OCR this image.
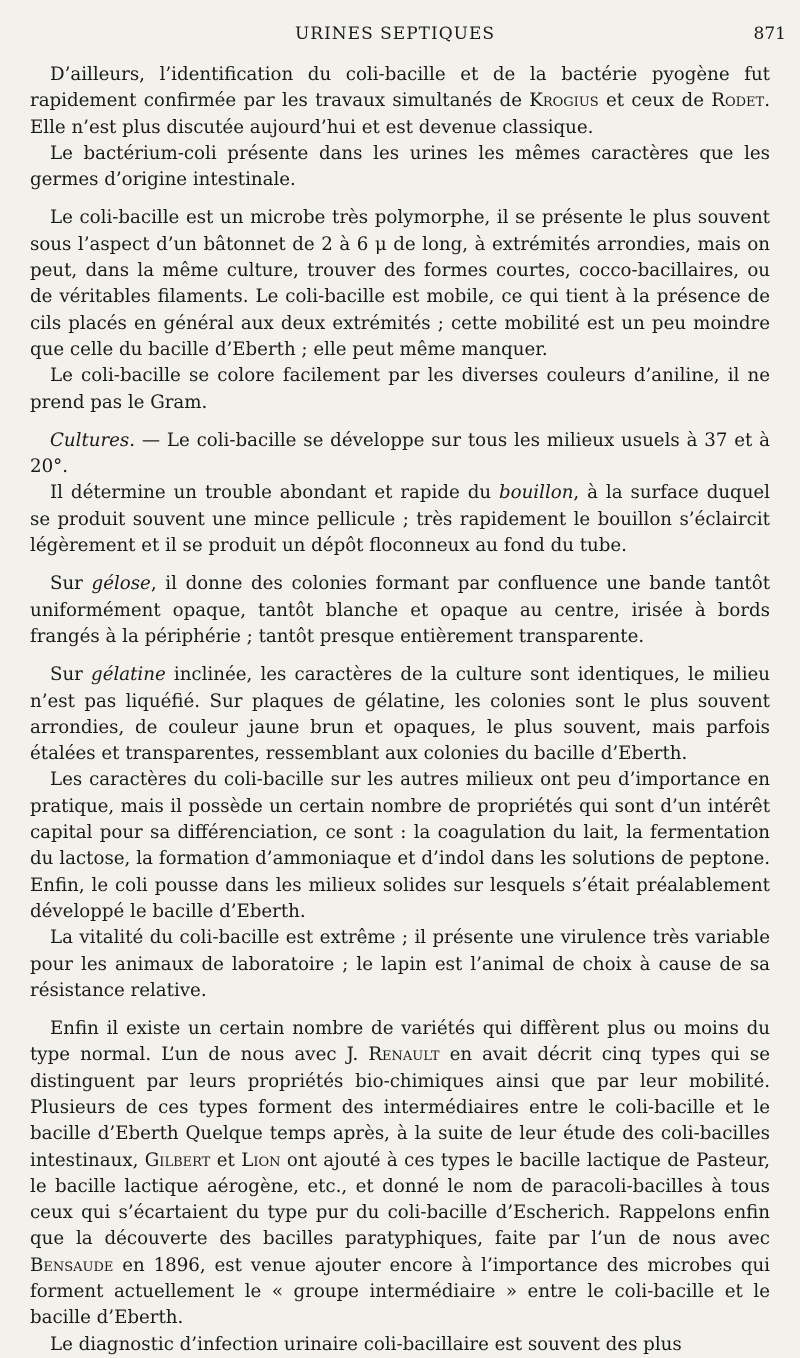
URINES SEPTIQUES	871

D’ailleurs, l’identification du coli-bacille et de la bactérie pyogène fut rapidement confirmée par les travaux simultanés de Krogius et ceux de Rodet. Elle n’est plus discutée aujourd’hui et est devenue classique.

Le bactérium-coli présente dans les urines les mêmes caractères que les germes d’origine intestinale.

Le coli-bacille est un microbe très polymorphe, il se présente le plus souvent sous l’aspect d’un bâtonnet de 2 à 6 μ de long, à extrémités arrondies, mais on peut, dans la même culture, trouver des formes courtes, cocco-bacillaires, ou de véritables filaments. Le coli-bacille est mobile, ce qui tient à la présence de cils placés en général aux deux extrémités ; cette mobilité est un peu moindre que celle du bacille d’Eberth ; elle peut même manquer.

Le coli-bacille se colore facilement par les diverses couleurs d’aniline, il ne prend pas le Gram.

Cultures. — Le coli-bacille se développe sur tous les milieux usuels à 37 et à 20°.

Il détermine un trouble abondant et rapide du bouillon, à la surface duquel se produit souvent une mince pellicule ; très rapidement le bouillon s’éclaircit légèrement et il se produit un dépôt floconneux au fond du tube.

Sur gélose, il donne des colonies formant par confluence une bande tantôt uniformément opaque, tantôt blanche et opaque au centre, irisée à bords frangés à la périphérie ; tantôt presque entièrement transparente.

Sur gélatine inclinée, les caractères de la culture sont identiques, le milieu n’est pas liquéfié. Sur plaques de gélatine, les colonies sont le plus souvent arrondies, de couleur jaune brun et opaques, le plus souvent, mais parfois étalées et transparentes, ressemblant aux colonies du bacille d’Eberth.

Les caractères du coli-bacille sur les autres milieux ont peu d’importance en pratique, mais il possède un certain nombre de propriétés qui sont d’un intérêt capital pour sa différenciation, ce sont : la coagulation du lait, la fermentation du lactose, la formation d’ammoniaque et d’indol dans les solutions de peptone. Enfin, le coli pousse dans les milieux solides sur lesquels s’était préalablement développé le bacille d’Eberth.

La vitalité du coli-bacille est extrême ; il présente une virulence très variable pour les animaux de laboratoire ; le lapin est l’animal de choix à cause de sa résistance relative.

Enfin il existe un certain nombre de variétés qui diffèrent plus ou moins du type normal. L’un de nous avec J. Renault en avait décrit cinq types qui se distinguent par leurs propriétés bio-chimiques ainsi que par leur mobilité. Plusieurs de ces types forment des intermédiaires entre le coli-bacille et le bacille d’Eberth Quelque temps après, à la suite de leur étude des coli-bacilles intestinaux, Gilbert et Lion ont ajouté à ces types le bacille lactique de Pasteur, le bacille lactique aérogène, etc., et donné le nom de paracoli-bacilles à tous ceux qui s’écartaient du type pur du coli-bacille d’Escherich. Rappelons enfin que la découverte des bacilles paratyphiques, faite par l’un de nous avec Bensaude en 1896, est venue ajouter encore à l’importance des microbes qui forment actuellement le « groupe intermédiaire » entre le coli-bacille et le bacille d’Eberth.

Le diagnostic d’infection urinaire coli-bacillaire est souvent des plus
